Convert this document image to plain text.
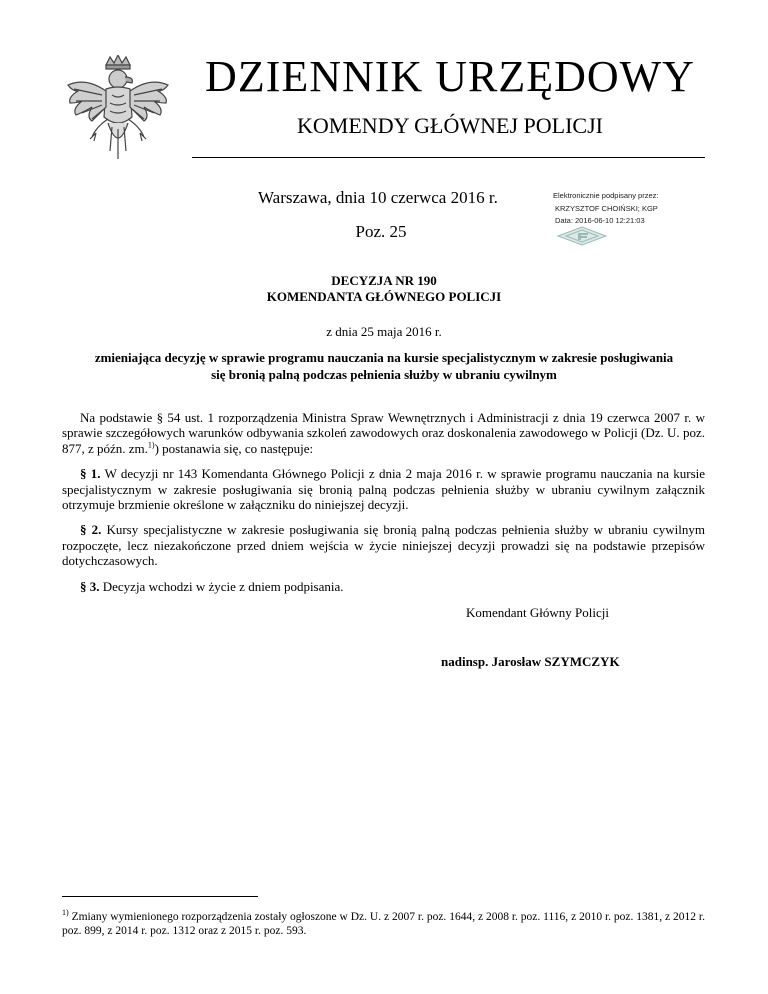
DZIENNIK URZĘDOWY
KOMENDY GŁÓWNEJ POLICJI
Warszawa, dnia 10 czerwca 2016 r.
Poz. 25
Elektronicznie podpisany przez:
KRZYSZTOF CHOIŃSKI; KGP
Data: 2016-06-10 12:21:03
DECYZJA NR 190
KOMENDANTA GŁÓWNEGO POLICJI
z dnia 25 maja 2016 r.
zmieniająca decyzję w sprawie programu nauczania na kursie specjalistycznym w zakresie posługiwania
się bronią palną podczas pełnienia służby w ubraniu cywilnym

Na podstawie § 54 ust. 1 rozporządzenia Ministra Spraw Wewnętrznych i Administracji z dnia 19 czerwca 2007 r. w sprawie szczegółowych warunków odbywania szkoleń zawodowych oraz doskonalenia zawodowego w Policji (Dz. U. poz. 877, z późn. zm.$^{1)}$) postanawia się, co następuje:

§ 1. W decyzji nr 143 Komendanta Głównego Policji z dnia 2 maja 2016 r. w sprawie programu nauczania na kursie specjalistycznym w zakresie posługiwania się bronią palną podczas pełnienia służby w ubraniu cywilnym załącznik otrzymuje brzmienie określone w załączniku do niniejszej decyzji.

§ 2. Kursy specjalistyczne w zakresie posługiwania się bronią palną podczas pełnienia służby w ubraniu cywilnym rozpoczęte, lecz niezakończone przed dniem wejścia w życie niniejszej decyzji prowadzi się na podstawie przepisów dotychczasowych.

§ 3. Decyzja wchodzi w życie z dniem podpisania.

Komendant Główny Policji
nadinsp. Jarosław SZYMCZYK
$^{1)}$ Zmiany wymienionego rozporządzenia zostały ogłoszone w Dz. U. z 2007 r. poz. 1644, z 2008 r. poz. 1116, z 2010 r. poz. 1381, z 2012 r. poz. 899, z 2014 r. poz. 1312 oraz z 2015 r. poz. 593.
